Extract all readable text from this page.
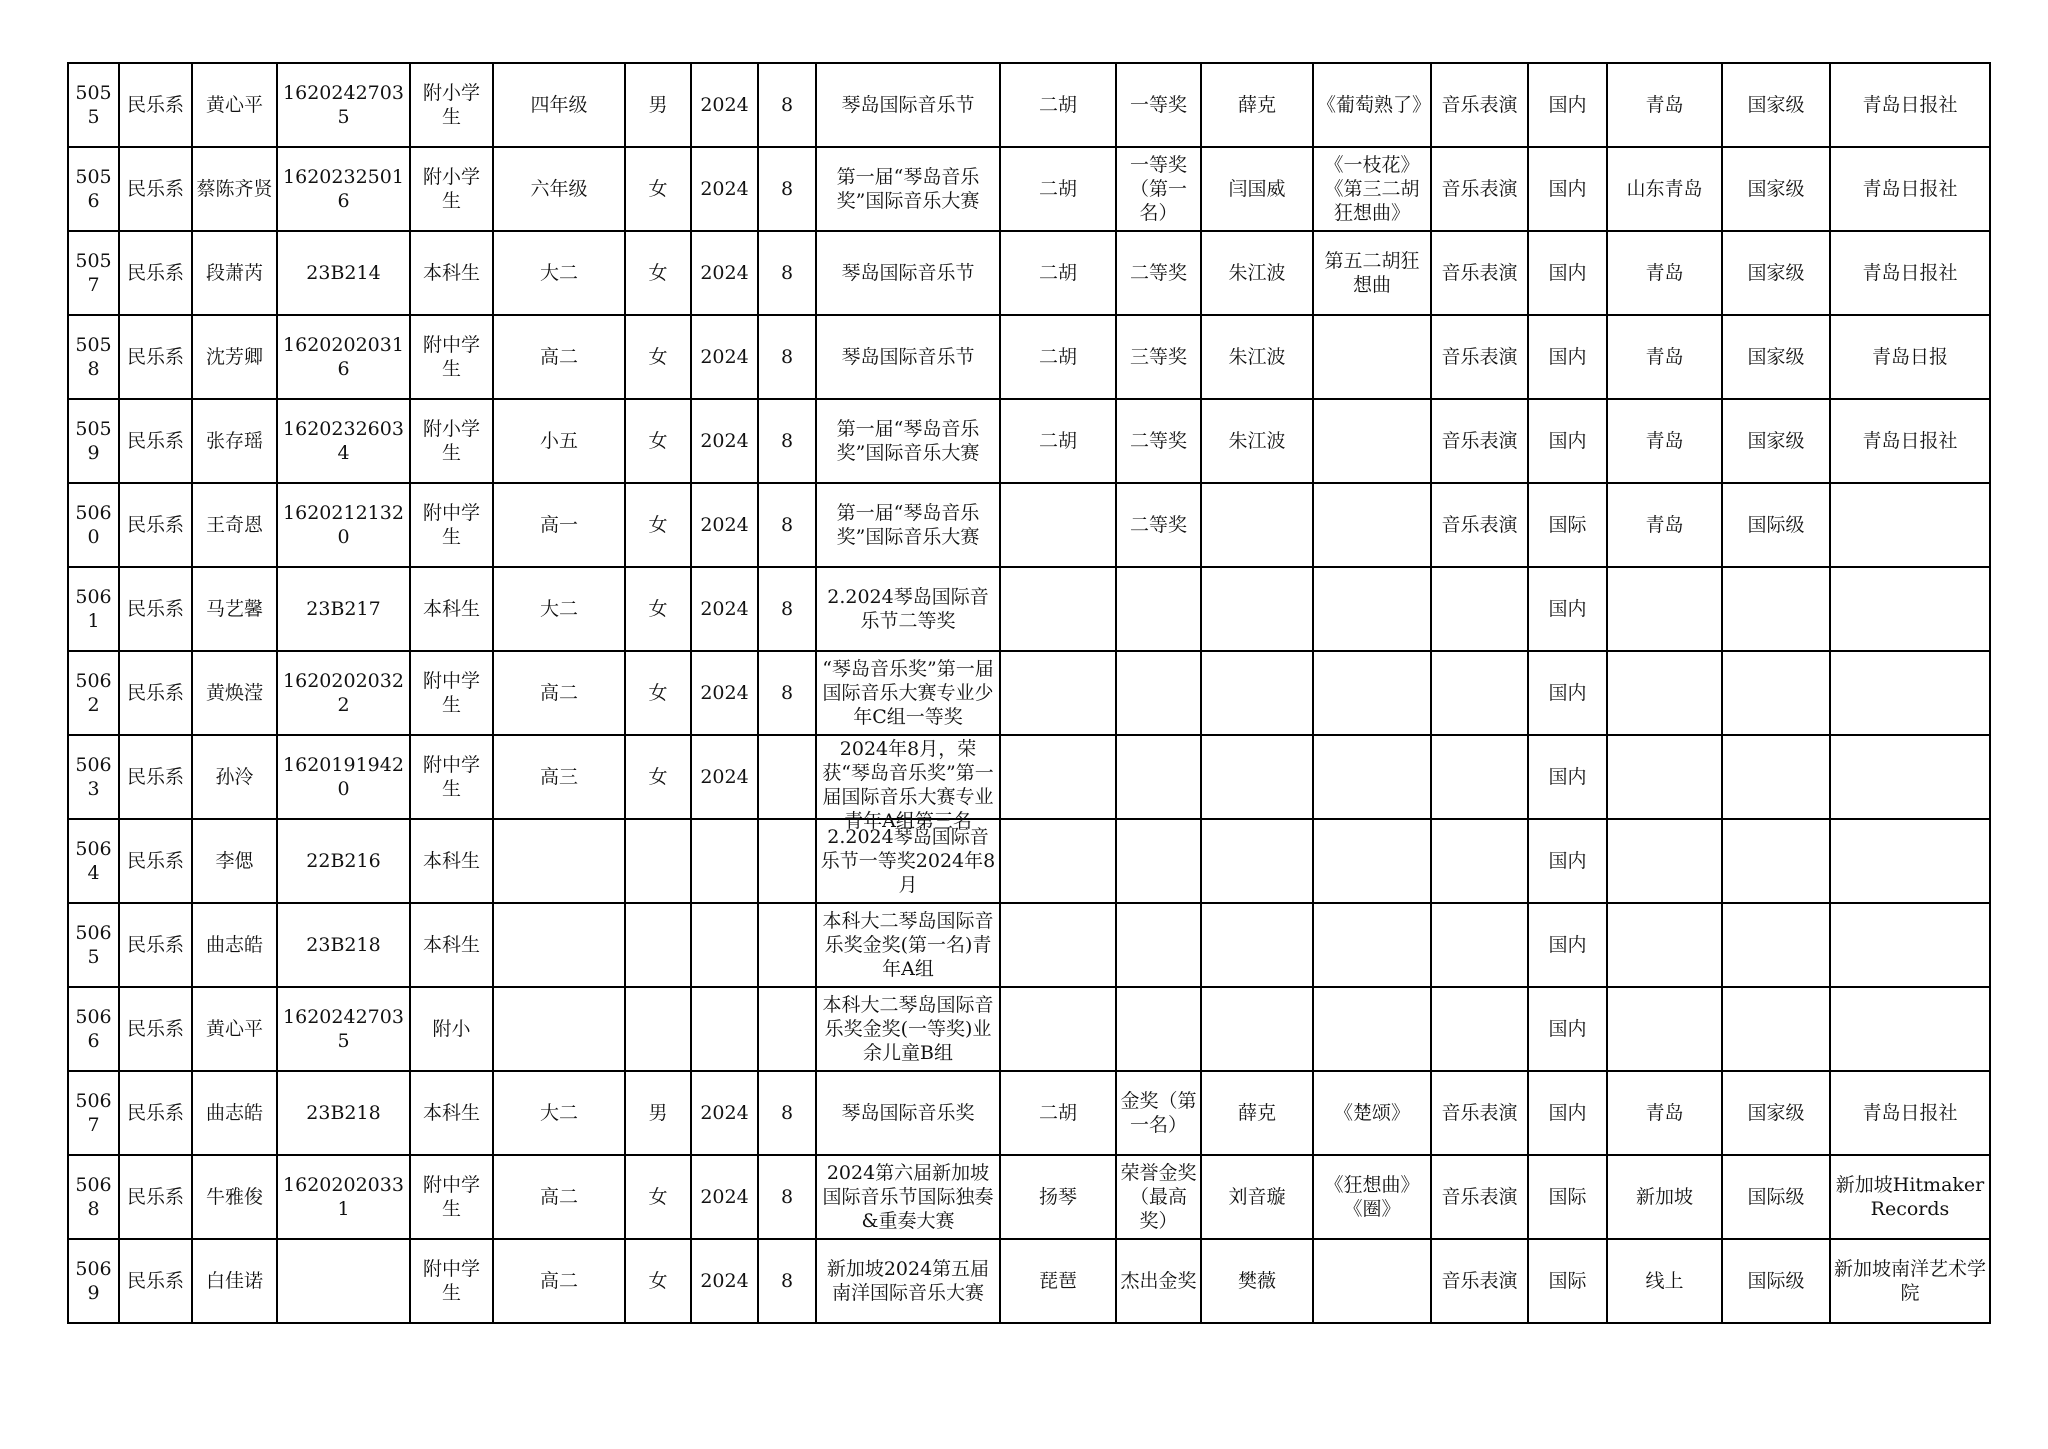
5055	民乐系	黄心平	16202427035	附小学生	四年级	男	2024	8	琴岛国际音乐节	二胡	一等奖	薛克	《葡萄熟了》	音乐表演	国内	青岛	国家级	青岛日报社

5056	民乐系	蔡陈齐贤	16202325016	附小学生	六年级	女	2024	8	第一届“琴岛音乐奖”国际音乐大赛	二胡	一等奖（第一名）	闫国威	《一枝花》《第三二胡狂想曲》	音乐表演	国内	山东青岛	国家级	青岛日报社

5057	民乐系	段萧芮	23B214	本科生	大二	女	2024	8	琴岛国际音乐节	二胡	二等奖	朱江波	第五二胡狂想曲	音乐表演	国内	青岛	国家级	青岛日报社

5058	民乐系	沈芳卿	16202020316	附中学生	高二	女	2024	8	琴岛国际音乐节	二胡	三等奖	朱江波		音乐表演	国内	青岛	国家级	青岛日报

5059	民乐系	张存瑶	16202326034	附小学生	小五	女	2024	8	第一届“琴岛音乐奖”国际音乐大赛	二胡	二等奖	朱江波		音乐表演	国内	青岛	国家级	青岛日报社

5060	民乐系	王奇恩	16202121320	附中学生	高一	女	2024	8	第一届“琴岛音乐奖”国际音乐大赛		二等奖			音乐表演	国际	青岛	国际级	

5061	民乐系	马艺馨	23B217	本科生	大二	女	2024	8	2.2024琴岛国际音乐节二等奖						国内			

5062	民乐系	黄焕滢	16202020322	附中学生	高二	女	2024	8	“琴岛音乐奖”第一届国际音乐大赛专业少年C组一等奖						国内			

5063	民乐系	孙泠	16201919420	附中学生	高三	女	2024		2024年8月，荣获“琴岛音乐奖”第一届国际音乐大赛专业青年A组第三名						国内			

5064	民乐系	李偲	22B216	本科生					2.2024琴岛国际音乐节一等奖2024年8月						国内			

5065	民乐系	曲志皓	23B218	本科生					本科大二琴岛国际音乐奖金奖(第一名)青年A组						国内			

5066	民乐系	黄心平	16202427035	附小					本科大二琴岛国际音乐奖金奖(一等奖)业余儿童B组						国内			

5067	民乐系	曲志皓	23B218	本科生	大二	男	2024	8	琴岛国际音乐奖	二胡	金奖（第一名）	薛克	《楚颂》	音乐表演	国内	青岛	国家级	青岛日报社

5068	民乐系	牛雅俊	16202020331	附中学生	高二	女	2024	8	2024第六届新加坡国际音乐节国际独奏&重奏大赛	扬琴	荣誉金奖（最高奖）	刘音璇	《狂想曲》《圈》	音乐表演	国际	新加坡	国际级	新加坡Hitmaker Records

5069	民乐系	白佳诺		附中学生	高二	女	2024	8	新加坡2024第五届南洋国际音乐大赛	琵琶	杰出金奖	樊薇		音乐表演	国际	线上	国际级	新加坡南洋艺术学院
